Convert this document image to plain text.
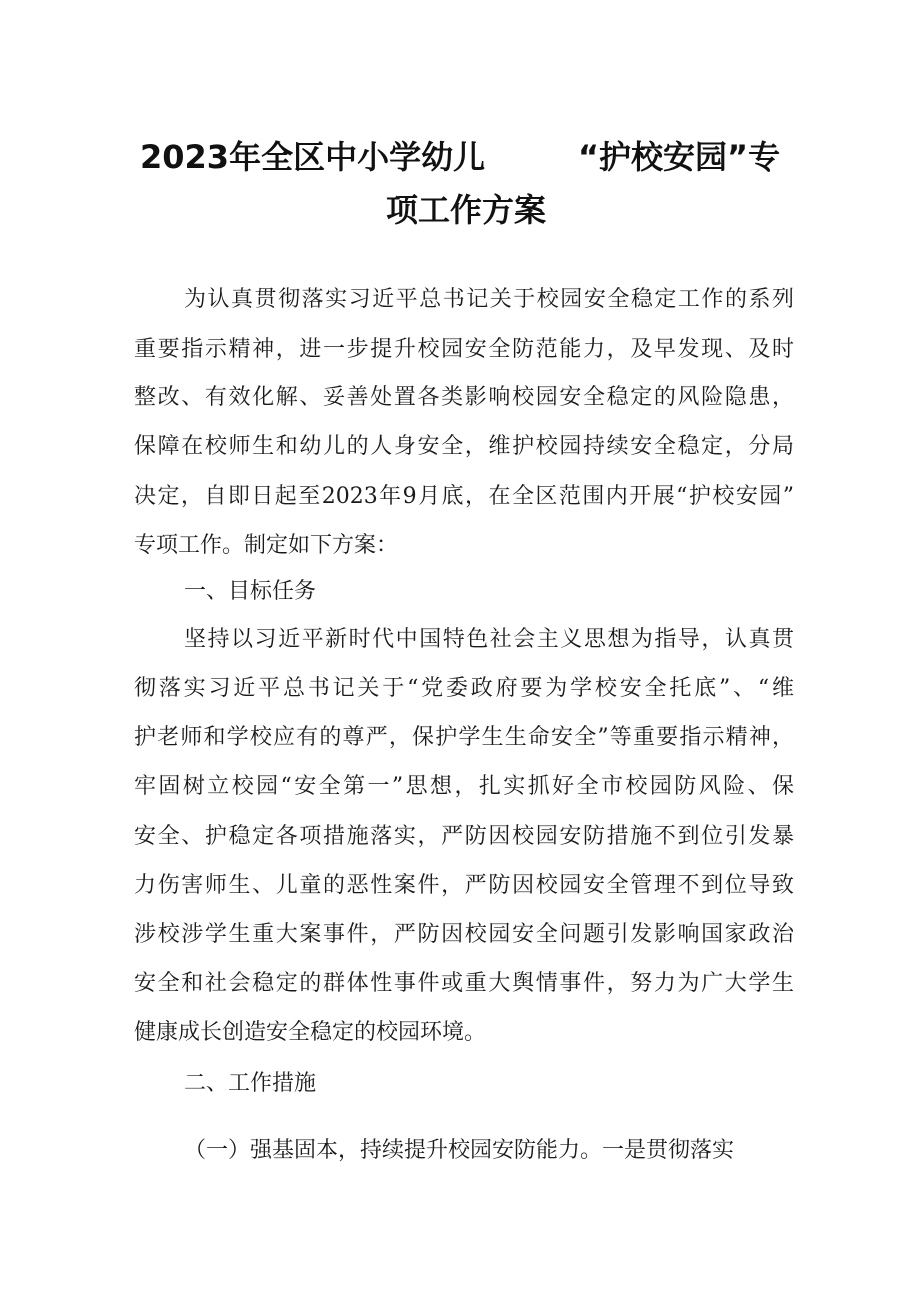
2023年全区中小学幼儿	“护校安园”专
项工作方案
为认真贯彻落实习近平总书记关于校园安全稳定工作的系列
重要指示精神，进一步提升校园安全防范能力，及早发现、及时
整改、有效化解、妥善处置各类影响校园安全稳定的风险隐患，
保障在校师生和幼儿的人身安全，维护校园持续安全稳定，分局
决定，自即日起至2023年9月底，在全区范围内开展“护校安园”
专项工作。制定如下方案：
一、目标任务
坚持以习近平新时代中国特色社会主义思想为指导，认真贯
彻落实习近平总书记关于“党委政府要为学校安全托底”、“维
护老师和学校应有的尊严，保护学生生命安全”等重要指示精神，
牢固树立校园“安全第一”思想，扎实抓好全市校园防风险、保
安全、护稳定各项措施落实，严防因校园安防措施不到位引发暴
力伤害师生、儿童的恶性案件，严防因校园安全管理不到位导致
涉校涉学生重大案事件，严防因校园安全问题引发影响国家政治
安全和社会稳定的群体性事件或重大舆情事件，努力为广大学生
健康成长创造安全稳定的校园环境。
二、工作措施
（一）强基固本，持续提升校园安防能力。一是贯彻落实
